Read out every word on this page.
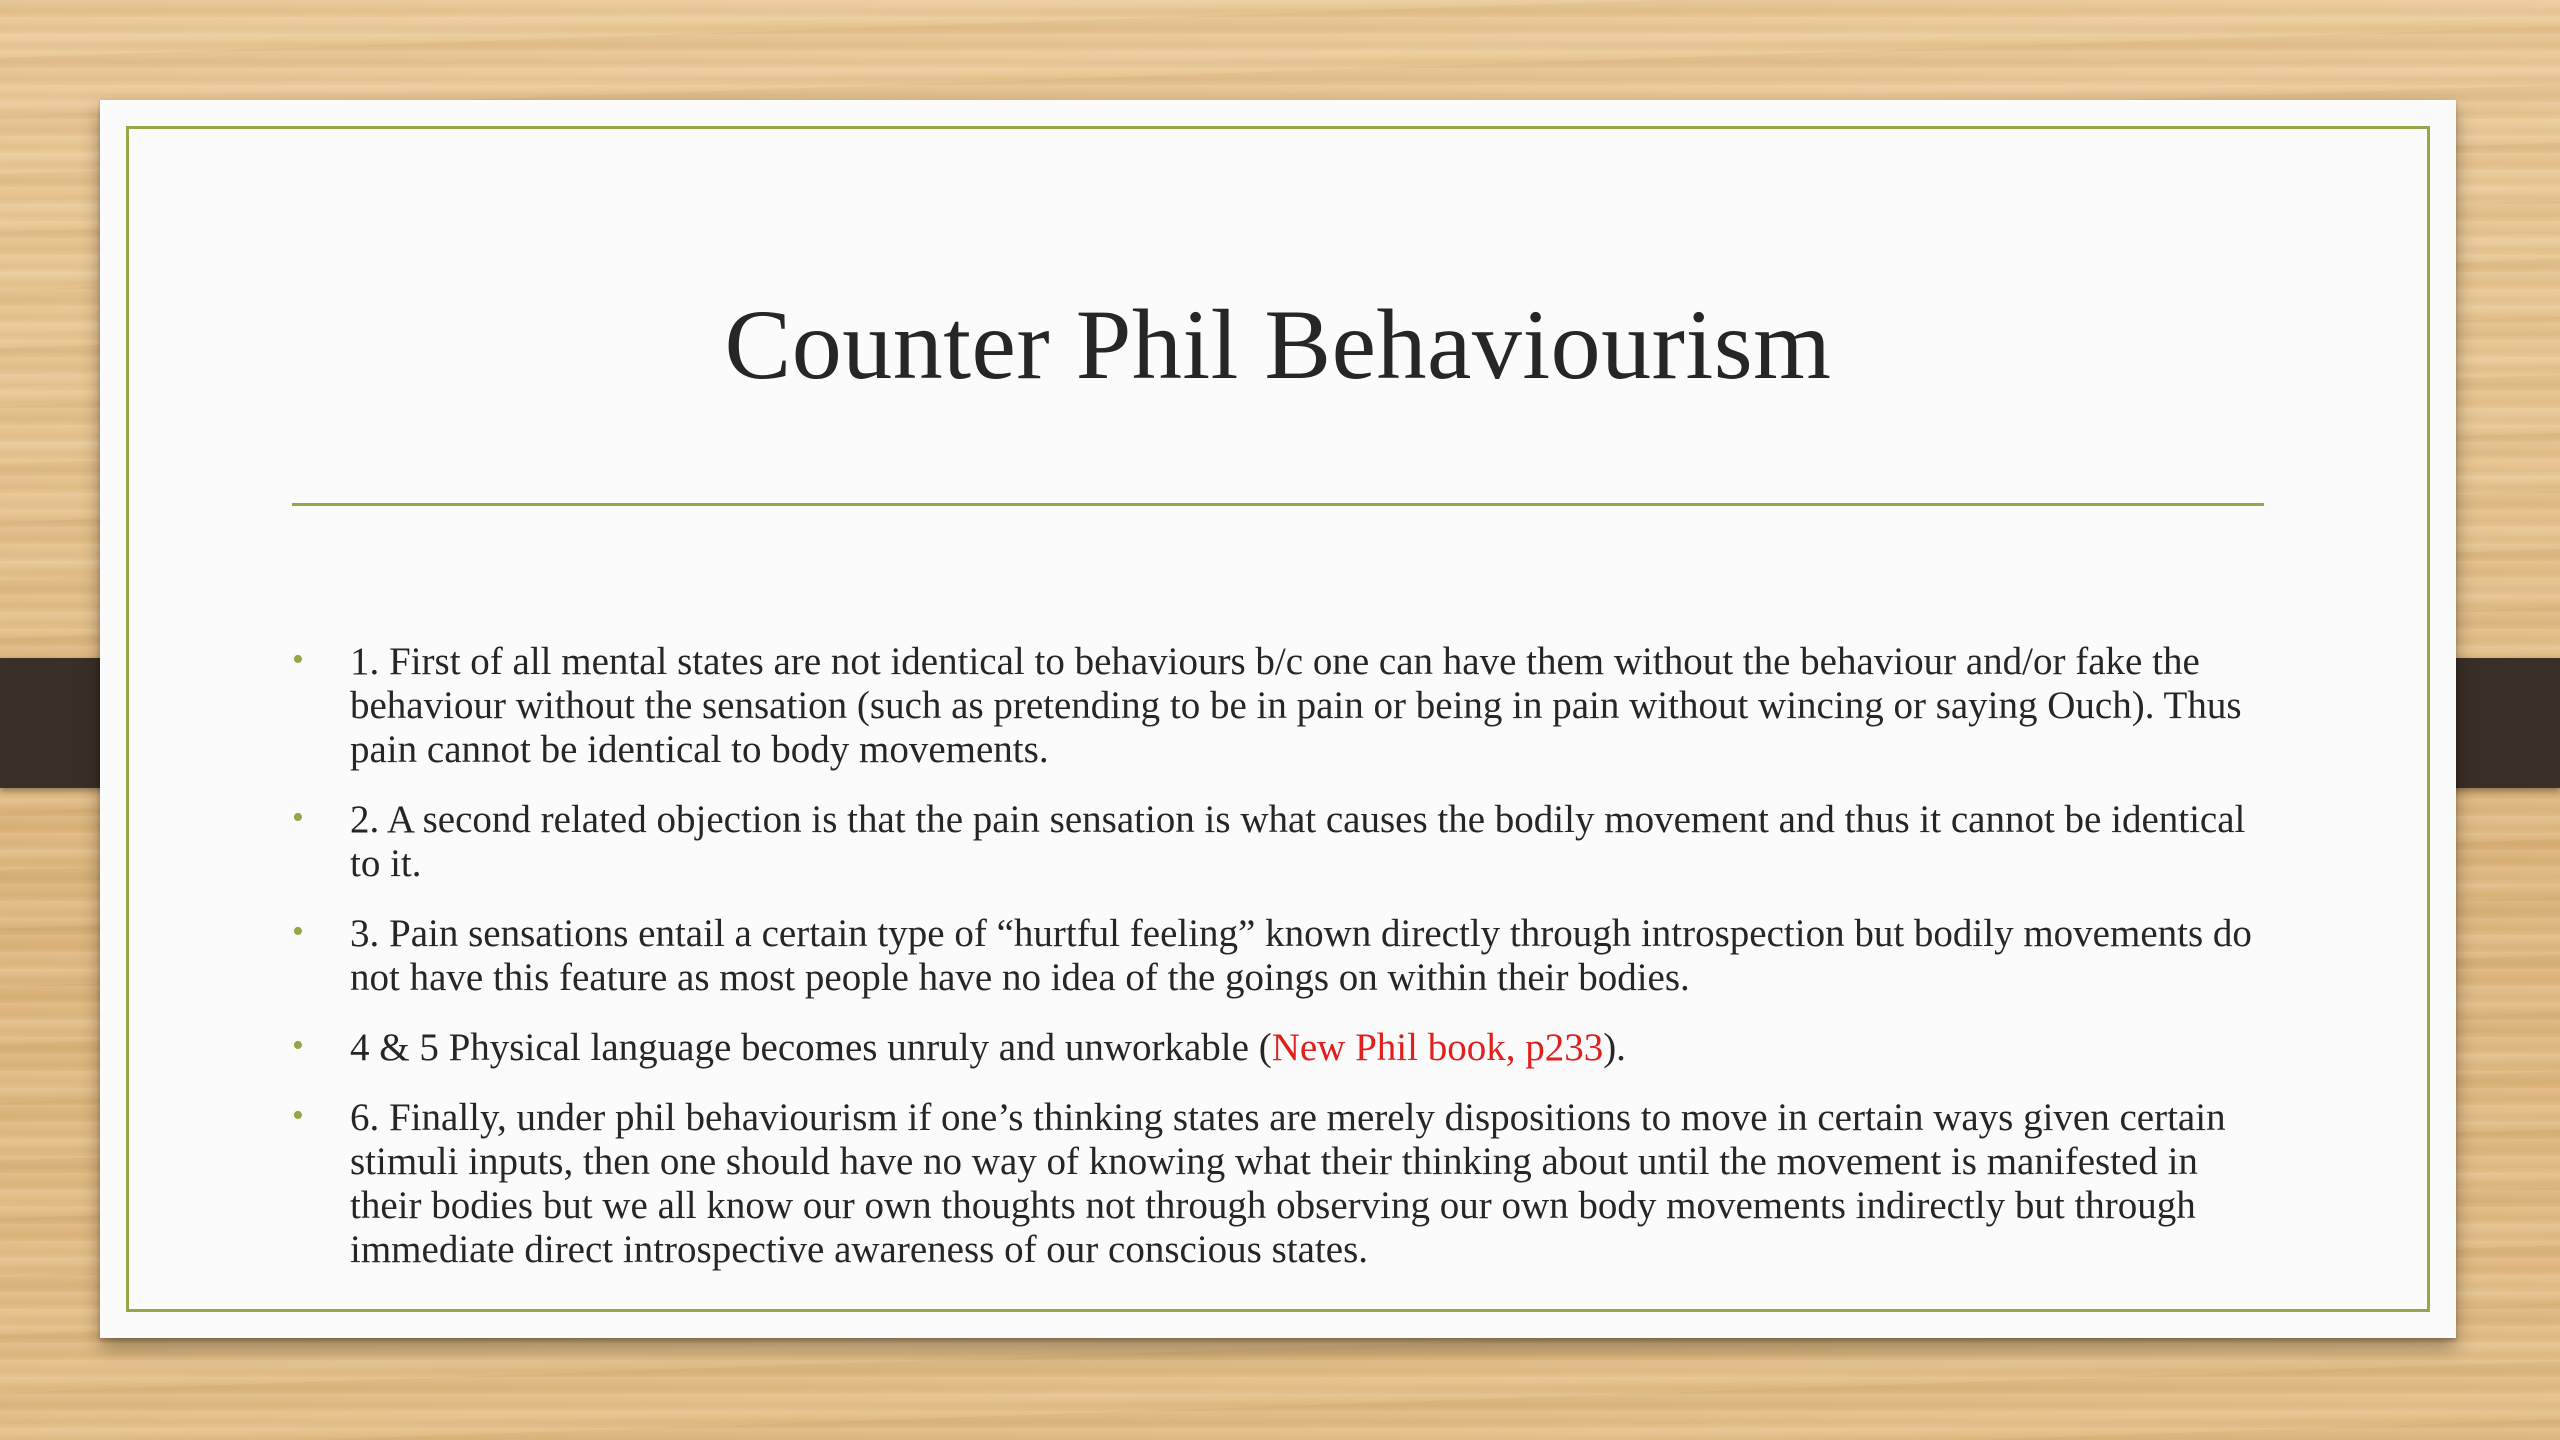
Counter Phil Behaviourism
• 1. First of all mental states are not identical to behaviours b/c one can have them without the behaviour and/or fake the behaviour without the sensation (such as pretending to be in pain or being in pain without wincing or saying Ouch). Thus pain cannot be identical to body movements.
• 2. A second related objection is that the pain sensation is what causes the bodily movement and thus it cannot be identical to it.
• 3. Pain sensations entail a certain type of “hurtful feeling” known directly through introspection but bodily movements do not have this feature as most people have no idea of the goings on within their bodies.
• 4 & 5 Physical language becomes unruly and unworkable (New Phil book, p233).
• 6. Finally, under phil behaviourism if one’s thinking states are merely dispositions to move in certain ways given certain stimuli inputs, then one should have no way of knowing what their thinking about until the movement is manifested in their bodies but we all know our own thoughts not through observing our own body movements indirectly but through immediate direct introspective awareness of our conscious states.
